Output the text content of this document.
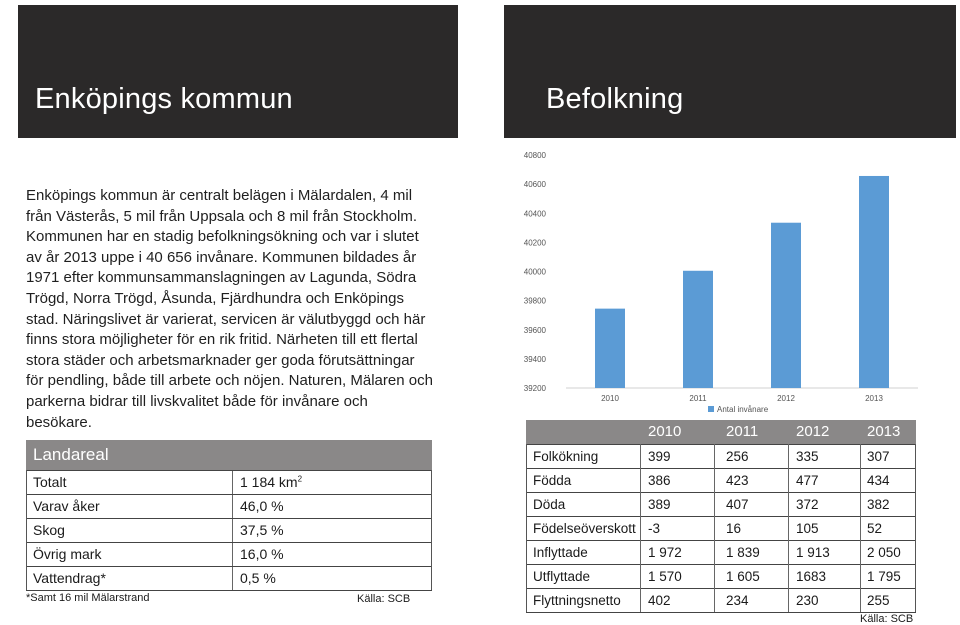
Enköpings kommun	Befolkning
Enköpings kommun är centralt belägen i Mälardalen, 4 mil från Västerås, 5 mil från Uppsala och 8 mil från Stockholm. Kommunen har en stadig befolkningsökning och var i slutet av år 2013 uppe i 40 656 invånare. Kommunen bildades år 1971 efter kommunsammanslagningen av Lagunda, Södra Trögd, Norra Trögd, Åsunda, Fjärdhundra och Enköpings stad. Näringslivet är varierat, servicen är välutbyggd och här finns stora möjligheter för en rik fritid. Närheten till ett flertal stora städer och arbetsmarknader ger goda förutsättningar för pendling, både till arbete och nöjen. Naturen, Mälaren och parkerna bidrar till livskvalitet både för invånare och besökare.
Landareal
Totalt	1 184 $km^2$
Varav åker	46,0 %
Skog	37,5 %
Övrig mark	16,0 %
Vattendrag*	0,5 %
*Samt 16 mil Mälarstrand	Källa: SCB
39200
39400
39600
39800
40000
40200
40400
40600
40800
2010	2011	2012	2013
Antal invånare
2010	2011	2012	2013
Folkökning	399	256	335	307
Födda	386	423	477	434
Döda	389	407	372	382
Födelseöverskott -3	16	105	52
Inflyttade	1 972	1 839	1 913	2 050
Utflyttade	1 570	1 605	1683	1 795
Flyttningsnetto 402	234	230	255
Källa: SCB
